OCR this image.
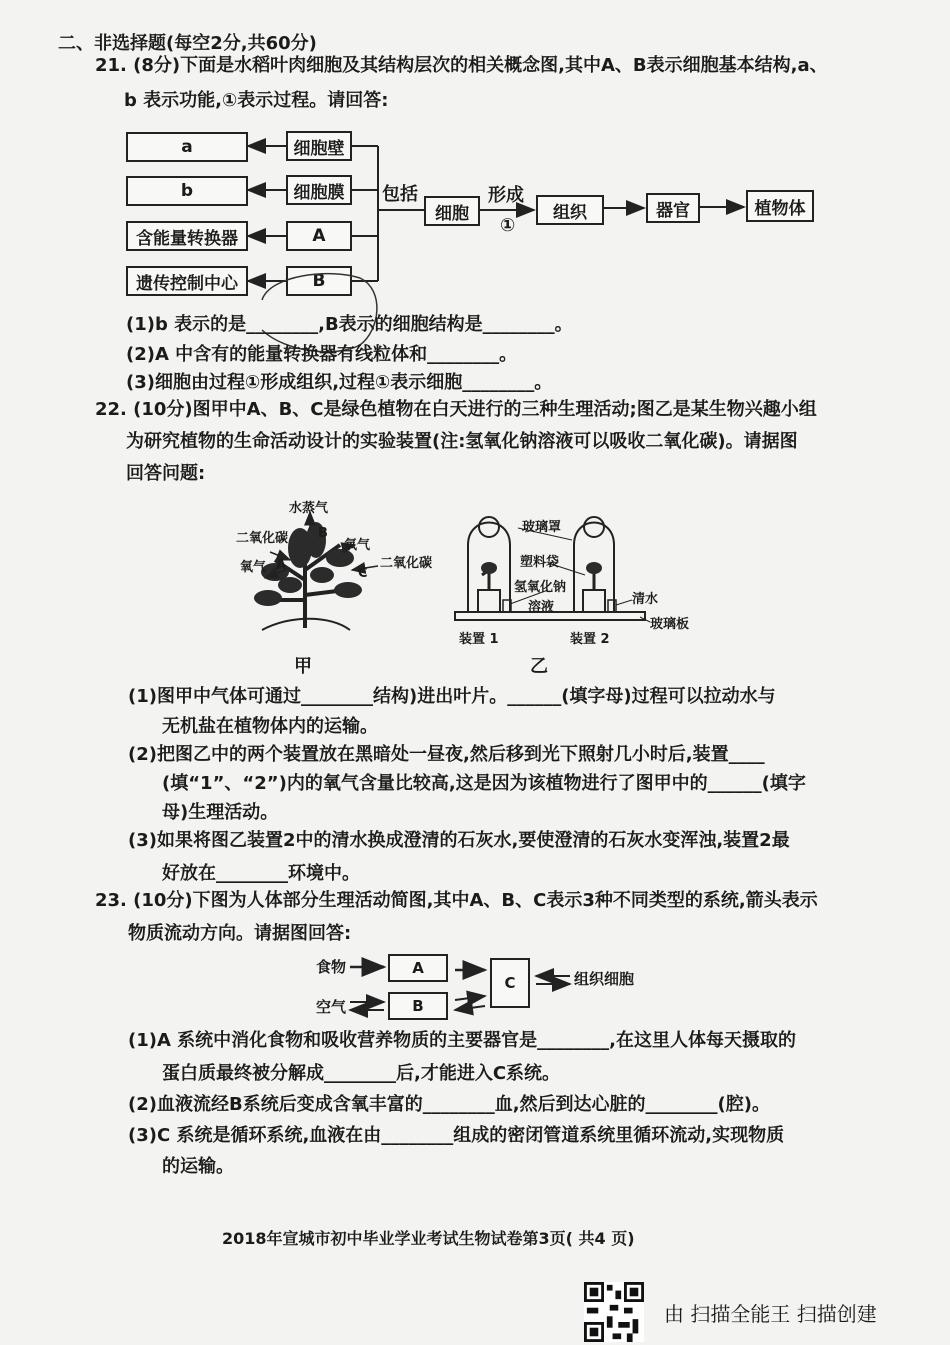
二、非选择题(每空2分,共60分)
21. (8分)下面是水稻叶肉细胞及其结构层次的相关概念图,其中A、B表示细胞基本结构,a、
b 表示功能,①表示过程。请回答:
a
b
含能量转换器
遗传控制中心
细胞壁
细胞膜
A
B
包括
细胞
形成
①
组织	器官	植物体
(1)b 表示的是________,B表示的细胞结构是________。
(2)A 中含有的能量转换器有线粒体和________。
(3)细胞由过程①形成组织,过程①表示细胞________。
22. (10分)图甲中A、B、C是绿色植物在白天进行的三种生理活动;图乙是某生物兴趣小组
为研究植物的生命活动设计的实验装置(注:氢氧化钠溶液可以吸收二氧化碳)。请据图
回答问题:
水蒸气
二氧化碳
氧气 A
B
氧气
C
二氧化碳
甲
玻璃罩
塑料袋
氢氧化钠
溶液
清水
玻璃板
装置 1	装置 2
乙
(1)图甲中气体可通过________结构)进出叶片。______(填字母)过程可以拉动水与
无机盐在植物体内的运输。
(2)把图乙中的两个装置放在黑暗处一昼夜,然后移到光下照射几小时后,装置____
(填“1”、“2”)内的氧气含量比较高,这是因为该植物进行了图甲中的______(填字
母)生理活动。
(3)如果将图乙装置2中的清水换成澄清的石灰水,要使澄清的石灰水变浑浊,装置2最
好放在________环境中。
23. (10分)下图为人体部分生理活动简图,其中A、B、C表示3种不同类型的系统,箭头表示
物质流动方向。请据图回答:
食物
空气
A
B
C	组织细胞
(1)A 系统中消化食物和吸收营养物质的主要器官是________,在这里人体每天摄取的
蛋白质最终被分解成________后,才能进入C系统。
(2)血液流经B系统后变成含氧丰富的________血,然后到达心脏的________(腔)。
(3)C 系统是循环系统,血液在由________组成的密闭管道系统里循环流动,实现物质
的运输。
2018年宣城市初中毕业学业考试生物试卷第3页( 共4 页)
由 扫描全能王 扫描创建
